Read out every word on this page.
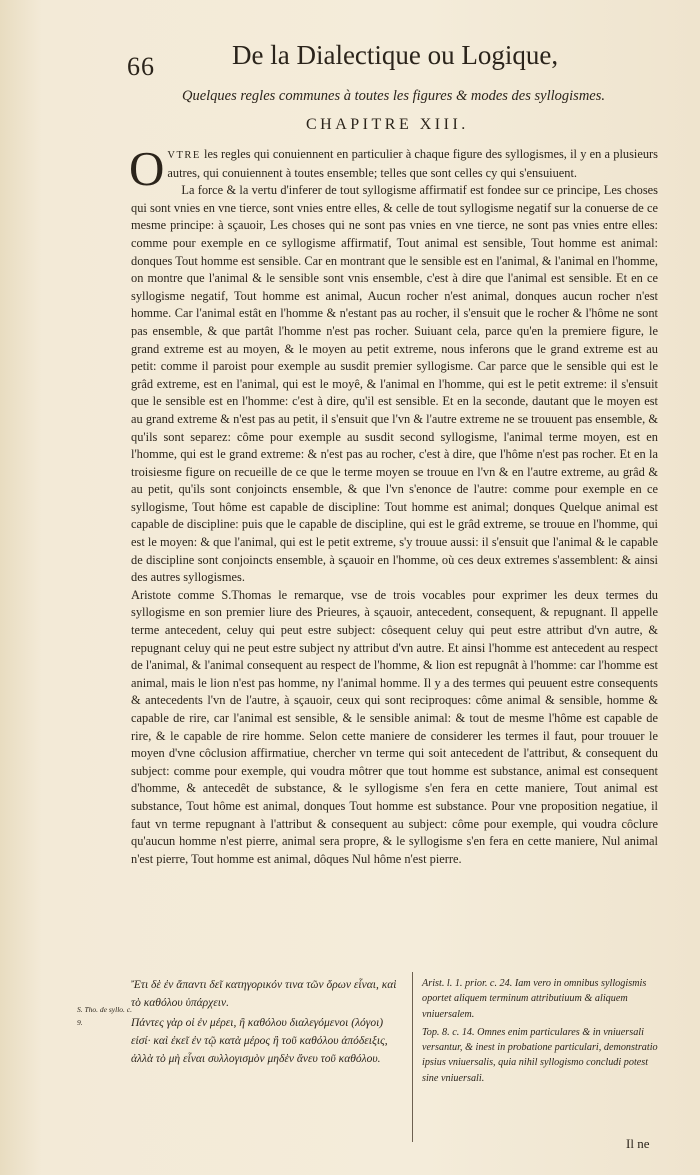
66	De la Dialectique ou Logique,
Quelques regles communes à toutes les figures & modes des syllogismes.
CHAPITRE XIII.

OVTRE les regles qui conuiennent en particulier à chaque figure des syllogismes, il y en a plusieurs autres, qui conuiennent à toutes ensemble; telles que sont celles cy qui s'ensuiuent.

La force & la vertu d'inferer de tout syllogisme affirmatif est fondee sur ce principe, Les choses qui sont vnies en vne tierce, sont vnies entre elles, & celle de tout syllogisme negatif sur la conuerse de ce mesme principe: à sçauoir, Les choses qui ne sont pas vnies en vne tierce, ne sont pas vnies entre elles: comme pour exemple en ce syllogisme affirmatif, Tout animal est sensible, Tout homme est animal: donques Tout homme est sensible. Car en montrant que le sensible est en l'animal, & l'animal en l'homme, on montre que l'animal & le sensible sont vnis ensemble, c'est à dire que l'animal est sensible. Et en ce syllogisme negatif, Tout homme est animal, Aucun rocher n'est animal, donques aucun rocher n'est homme. Car l'animal estât en l'homme & n'estant pas au rocher, il s'ensuit que le rocher & l'hôme ne sont pas ensemble, & que partât l'homme n'est pas rocher. Suiuant cela, parce qu'en la premiere figure, le grand extreme est au moyen, & le moyen au petit extreme, nous inferons que le grand extreme est au petit: comme il paroist pour exemple au susdit premier syllogisme. Car parce que le sensible qui est le grâd extreme, est en l'animal, qui est le moyê, & l'animal en l'homme, qui est le petit extreme: il s'ensuit que le sensible est en l'homme: c'est à dire, qu'il est sensible. Et en la seconde, dautant que le moyen est au grand extreme & n'est pas au petit, il s'ensuit que l'vn & l'autre extreme ne se trouuent pas ensemble, & qu'ils sont separez: côme pour exemple au susdit second syllogisme, l'animal terme moyen, est en l'homme, qui est le grand extreme: & n'est pas au rocher, c'est à dire, que l'hôme n'est pas rocher. Et en la troisiesme figure on recueille de ce que le terme moyen se trouue en l'vn & en l'autre extreme, au grâd & au petit, qu'ils sont conjoincts ensemble, & que l'vn s'enonce de l'autre: comme pour exemple en ce syllogisme, Tout hôme est capable de discipline: Tout homme est animal; donques Quelque animal est capable de discipline: puis que le capable de discipline, qui est le grâd extreme, se trouue en l'homme, qui est le moyen: & que l'animal, qui est le petit extreme, s'y trouue aussi: il s'ensuit que l'animal & le capable de discipline sont conjoincts ensemble, à sçauoir en l'homme, où ces deux extremes s'assemblent: & ainsi des autres syllogismes.

Aristote comme S.Thomas le remarque, vse de trois vocables pour exprimer les deux termes du syllogisme en son premier liure des Prieures, à sçauoir, antecedent, consequent, & repugnant. Il appelle terme antecedent, celuy qui peut estre subject: côsequent celuy qui peut estre attribut d'vn autre, & repugnant celuy qui ne peut estre subject ny attribut d'vn autre. Et ainsi l'homme est antecedent au respect de l'animal, & l'animal consequent au respect de l'homme, & lion est repugnât à l'homme: car l'homme est animal, mais le lion n'est pas homme, ny l'animal homme. Il y a des termes qui peuuent estre consequents & antecedents l'vn de l'autre, à sçauoir, ceux qui sont reciproques: côme animal & sensible, homme & capable de rire, car l'animal est sensible, & le sensible animal: & tout de mesme l'hôme est capable de rire, & le capable de rire homme. Selon cette maniere de considerer les termes il faut, pour trouuer le moyen d'vne côclusion affirmatiue, chercher vn terme qui soit antecedent de l'attribut, & consequent du subject: comme pour exemple, qui voudra môtrer que tout homme est substance, animal est consequent d'homme, & antecedêt de substance, & le syllogisme s'en fera en cette maniere, Tout animal est substance, Tout hôme est animal, donques Tout homme est substance. Pour vne proposition negatiue, il faut vn terme repugnant à l'attribut & consequent au subject: côme pour exemple, qui voudra côclure qu'aucun homme n'est pierre, animal sera propre, & le syllogisme s'en fera en cette maniere, Nul animal n'est pierre, Tout homme est animal, dôques Nul hôme n'est pierre.

S. Tho. de syllo. c. 9.

Ἔτι δὲ ἐν ἅπαντι δεῖ κατηγορικόν τινα τῶν ὅρων εἶναι, καὶ τὸ καθόλου ὑπάρχειν.

Πάντες γὰρ οἱ ἐν μέρει, ἢ καθόλου διαλεγόμενοι (λόγοι) εἰσί· καὶ ἐκεῖ ἐν τῷ κατὰ μέρος ἢ τοῦ καθόλου ἀπόδειξις, ἀλλὰ τὸ μὴ εἶναι συλλογισμὸν μηδὲν ἄνευ τοῦ καθόλου.

Arist. l. 1. prior. c. 24. Iam vero in omnibus syllogismis oportet aliquem terminum attributiuum & aliquem vniuersalem.

Top. 8. c. 14. Omnes enim particulares & in vniuersali versantur, & inest in probatione particulari, demonstratio ipsius vniuersalis, quia nihil syllogismo concludi potest sine vniuersali.

Il ne
